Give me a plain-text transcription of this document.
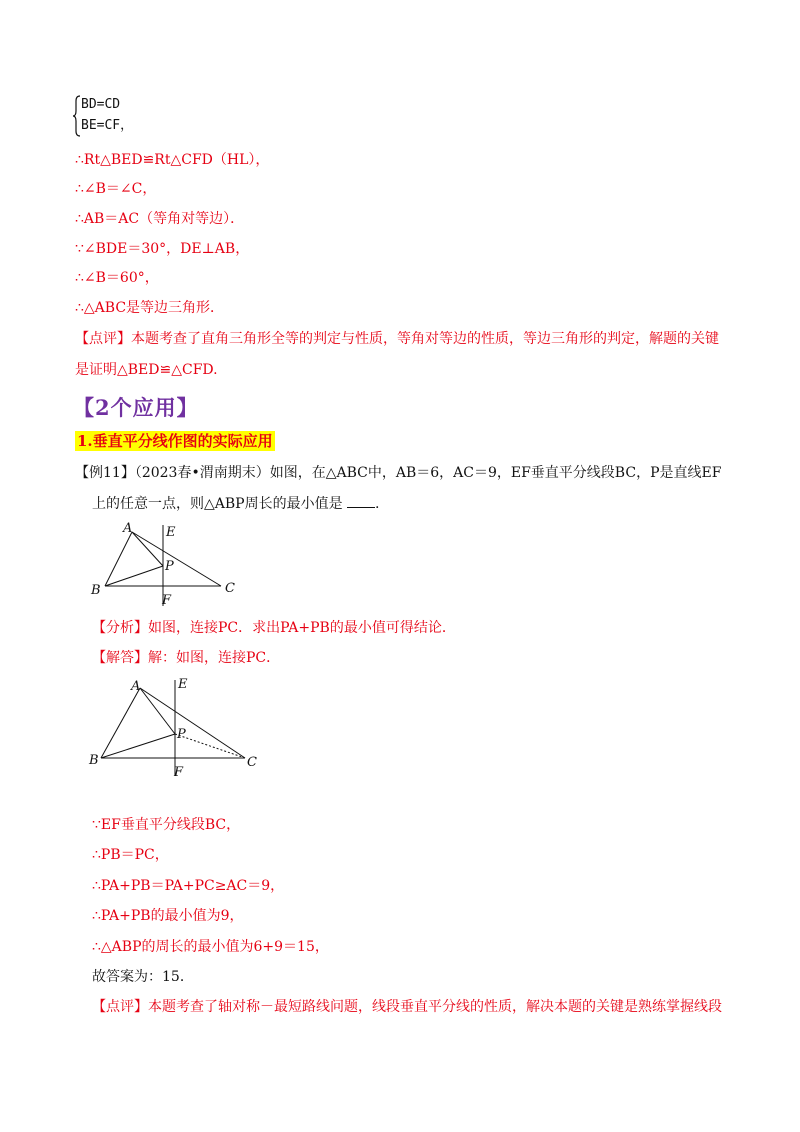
BD=CD
BE=CF，
∴Rt△BED≌Rt△CFD（HL），
∴∠B＝∠C，
∴AB＝AC（等角对等边）．
∵∠BDE＝30°，DE⊥AB，
∴∠B＝60°，
∴△ABC是等边三角形．
【点评】本题考查了直角三角形全等的判定与性质，等角对等边的性质，等边三角形的判定，解题的关键
是证明△BED≌△CFD.
【2个应用】
1.垂直平分线作图的实际应用
【例11】（2023春•渭南期末）如图，在△ABC中，AB＝6，AC＝9，EF垂直平分线段BC，P是直线EF
上的任意一点，则△ABP周长的最小值是 .
A	E
P
B
F
C
【分析】如图，连接PC．求出PA+PB的最小值可得结论．
【解答】解：如图，连接PC．
A	E
P
B
F
C
∵EF垂直平分线段BC，
∴PB＝PC，
∴PA+PB＝PA+PC≥AC＝9，
∴PA+PB的最小值为9，
∴△ABP的周长的最小值为6+9＝15，
故答案为：15．
【点评】本题考查了轴对称－最短路线问题，线段垂直平分线的性质，解决本题的关键是熟练掌握线段
